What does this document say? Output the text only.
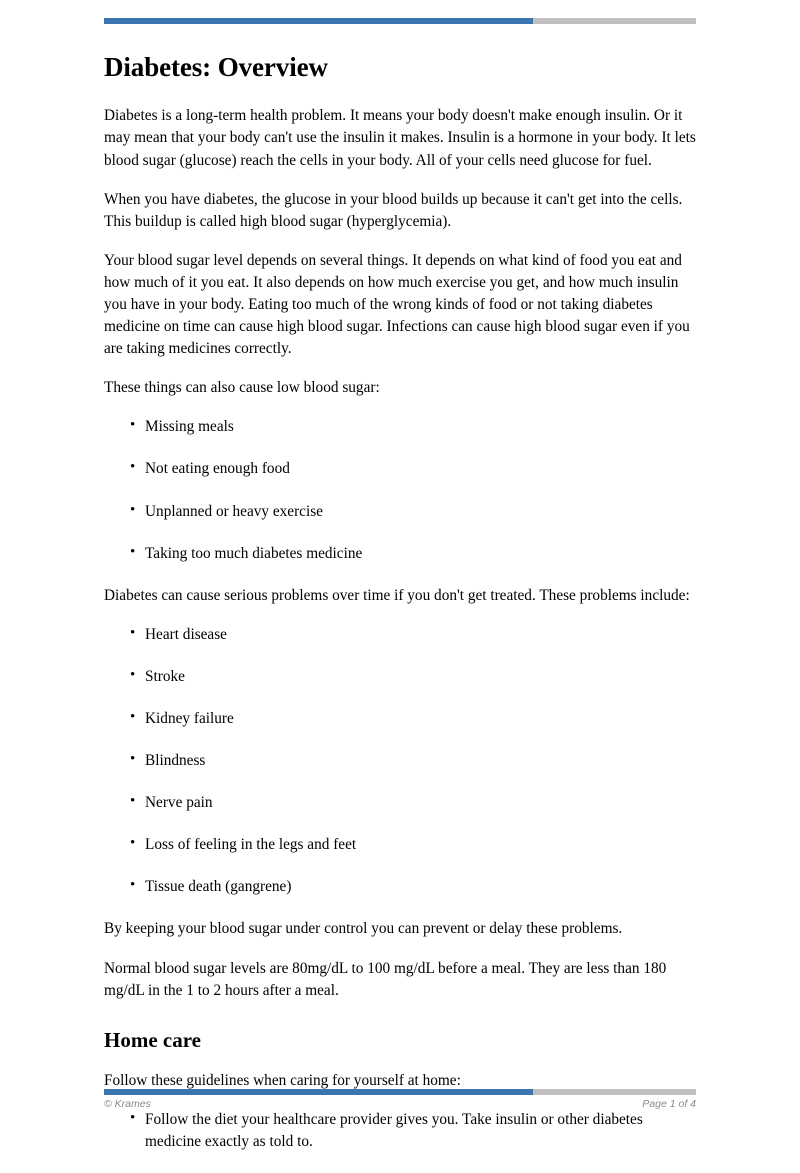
Diabetes: Overview

Diabetes is a long-term health problem. It means your body doesn't make enough insulin. Or it may mean that your body can't use the insulin it makes. Insulin is a hormone in your body. It lets blood sugar (glucose) reach the cells in your body. All of your cells need glucose for fuel.

When you have diabetes, the glucose in your blood builds up because it can't get into the cells. This buildup is called high blood sugar (hyperglycemia).

Your blood sugar level depends on several things. It depends on what kind of food you eat and how much of it you eat. It also depends on how much exercise you get, and how much insulin you have in your body. Eating too much of the wrong kinds of food or not taking diabetes medicine on time can cause high blood sugar. Infections can cause high blood sugar even if you are taking medicines correctly.

These things can also cause low blood sugar:

• Missing meals
• Not eating enough food
• Unplanned or heavy exercise
• Taking too much diabetes medicine

Diabetes can cause serious problems over time if you don't get treated. These problems include:

• Heart disease
• Stroke
• Kidney failure
• Blindness
• Nerve pain
• Loss of feeling in the legs and feet
• Tissue death (gangrene)

By keeping your blood sugar under control you can prevent or delay these problems.

Normal blood sugar levels are 80mg/dL to 100 mg/dL before a meal. They are less than 180 mg/dL in the 1 to 2 hours after a meal.

Home care

Follow these guidelines when caring for yourself at home:

• Follow the diet your healthcare provider gives you. Take insulin or other diabetes medicine exactly as told to.
© Krames	Page 1 of 4
